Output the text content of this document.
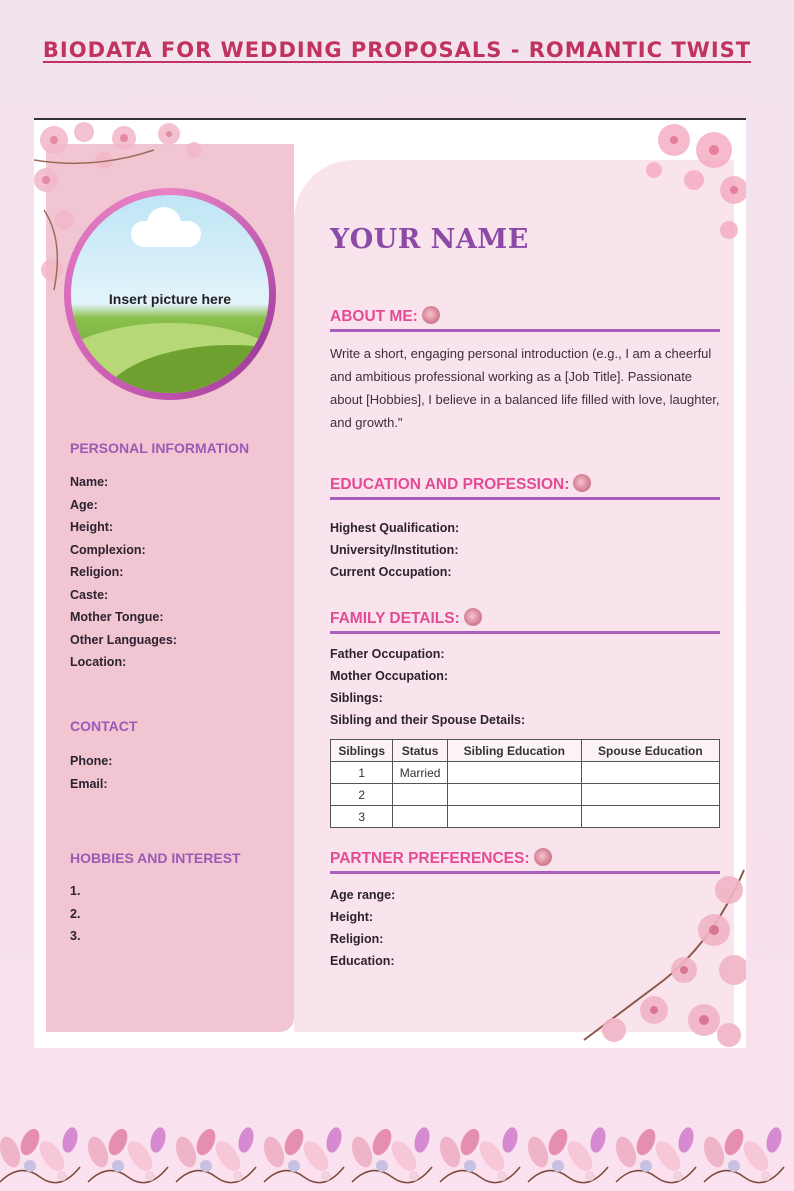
BIODATA FOR WEDDING PROPOSALS - ROMANTIC TWIST
Insert picture here
PERSONAL INFORMATION
Name:
Age:
Height:
Complexion:
Religion:
Caste:
Mother Tongue:
Other Languages:
Location:
CONTACT
Phone:
Email:
HOBBIES AND INTEREST
1.
2.
3.
YOUR NAME
ABOUT ME:
Write a short, engaging personal introduction (e.g., I am a cheerful and ambitious professional working as a [Job Title]. Passionate about [Hobbies], I believe in a balanced life filled with love, laughter, and growth."
EDUCATION AND PROFESSION:
Highest Qualification:
University/Institution:
Current Occupation:
FAMILY DETAILS:
Father Occupation:
Mother Occupation:
Siblings:
Sibling and their Spouse Details:
Siblings	Status	Sibling Education	Spouse Education
1	Married		
2			
3			
PARTNER PREFERENCES:
Age range:
Height:
Religion:
Education:
